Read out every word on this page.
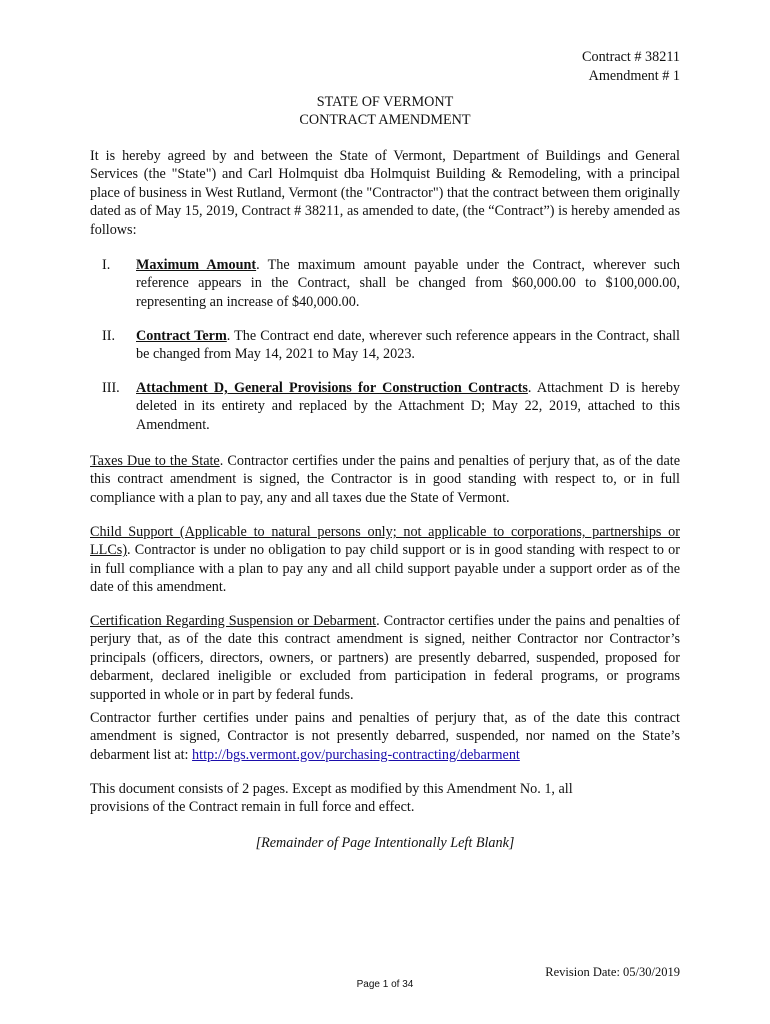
Contract # 38211
Amendment # 1
STATE OF VERMONT
CONTRACT AMENDMENT
It is hereby agreed by and between the State of Vermont, Department of Buildings and General Services (the "State") and Carl Holmquist dba Holmquist Building & Remodeling, with a principal place of business in West Rutland, Vermont (the "Contractor") that the contract between them originally dated as of May 15, 2019, Contract # 38211, as amended to date, (the “Contract”) is hereby amended as follows:
I. Maximum Amount. The maximum amount payable under the Contract, wherever such reference appears in the Contract, shall be changed from $60,000.00 to $100,000.00, representing an increase of $40,000.00.
II. Contract Term. The Contract end date, wherever such reference appears in the Contract, shall be changed from May 14, 2021 to May 14, 2023.
III. Attachment D, General Provisions for Construction Contracts. Attachment D is hereby deleted in its entirety and replaced by the Attachment D; May 22, 2019, attached to this Amendment.
Taxes Due to the State. Contractor certifies under the pains and penalties of perjury that, as of the date this contract amendment is signed, the Contractor is in good standing with respect to, or in full compliance with a plan to pay, any and all taxes due the State of Vermont.
Child Support (Applicable to natural persons only; not applicable to corporations, partnerships or LLCs). Contractor is under no obligation to pay child support or is in good standing with respect to or in full compliance with a plan to pay any and all child support payable under a support order as of the date of this amendment.
Certification Regarding Suspension or Debarment. Contractor certifies under the pains and penalties of perjury that, as of the date this contract amendment is signed, neither Contractor nor Contractor’s principals (officers, directors, owners, or partners) are presently debarred, suspended, proposed for debarment, declared ineligible or excluded from participation in federal programs, or programs supported in whole or in part by federal funds.
Contractor further certifies under pains and penalties of perjury that, as of the date this contract amendment is signed, Contractor is not presently debarred, suspended, nor named on the State’s debarment list at: http://bgs.vermont.gov/purchasing-contracting/debarment
This document consists of 2 pages. Except as modified by this Amendment No. 1, all
provisions of the Contract remain in full force and effect.
[Remainder of Page Intentionally Left Blank]
Revision Date: 05/30/2019
Page 1 of 34
